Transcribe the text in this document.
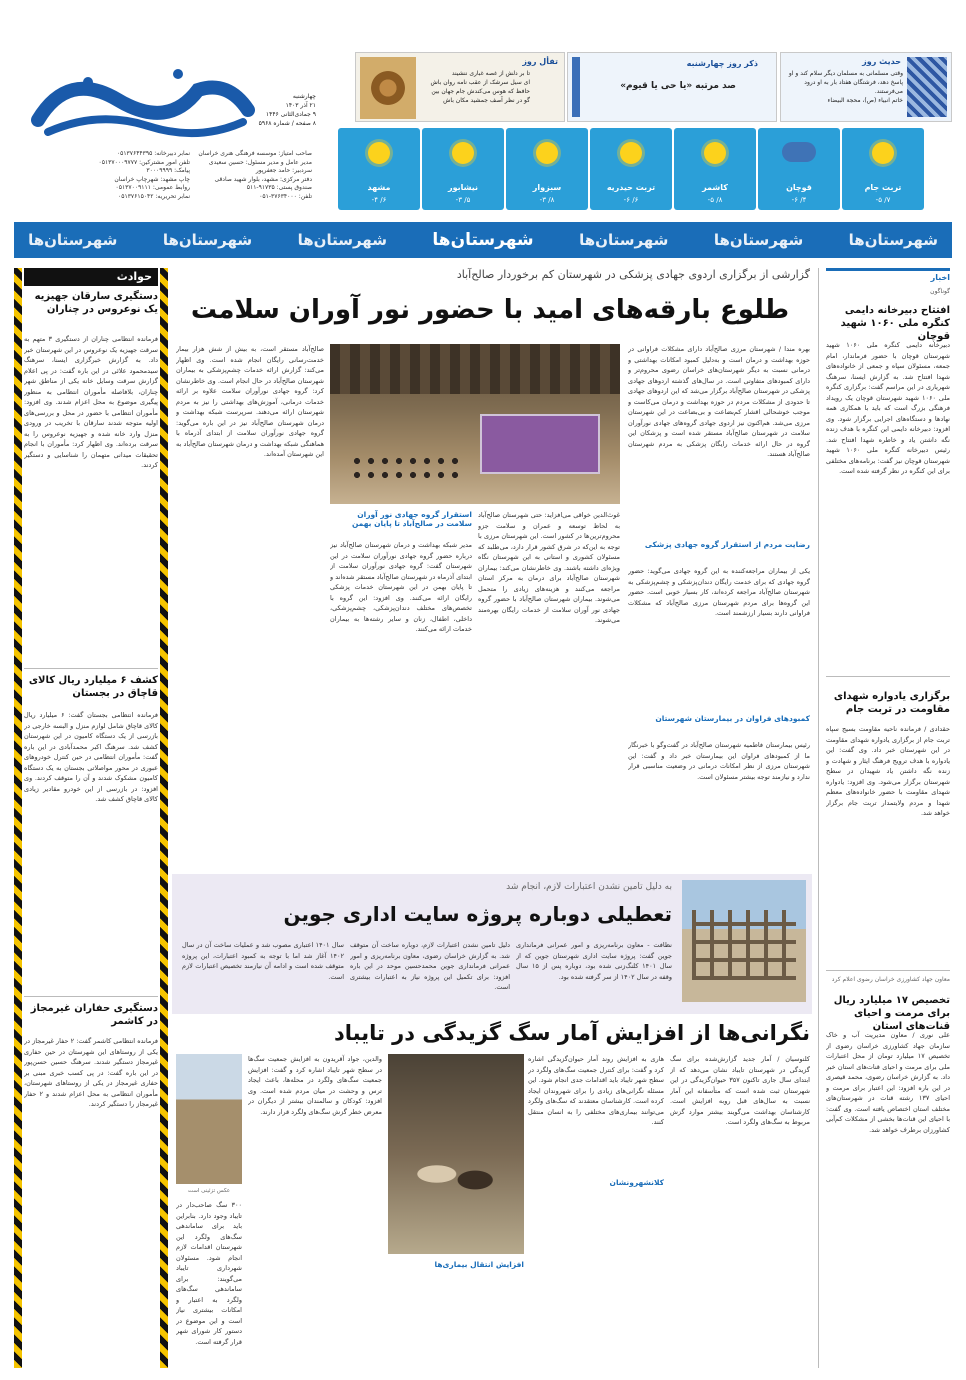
حدیث روز
وقتی مسلمانی به مسلمان دیگر سلام کند و او پاسخ دهد، فرشتگان هفتاد بار به او درود می‌فرستند.
خاتم انبیاء (ص)، محجة البیضاء
ذکر روز چهارشنبه
صد مرتبه «یا حی یا قیوم»
تفأل روز
تا بر دلش از غصه غباری ننشیند
ای سیل سرشک از عقب نامه روان باش
حافظ که هوس می‌کندش جام جهان بین
گو در نظر آصف جمشید مکان باش
چهارشنبه
۲۱ آذر ۱۴۰۳
۹ جمادی‌الثانی ۱۴۴۶
۸ صفحه / شماره ۵۹۶۸
صاحب امتیاز: موسسه فرهنگی هنری خراسان
مدیر عامل و مدیر مسئول: حسین سعیدی
سردبیر: حامد جعفرپور
دفتر مرکزی: مشهد، بلوار شهید صادقی
صندوق پستی: ۹۱۷۳۵-۵۱۱
تلفن: ۳۷۶۳۴۰۰۰-۰۵۱
نمابر دبیرخانه: ۰۵۱۳۷۶۴۴۳۹۵
تلفن امور مشترکین: ۰۵۱۳۷۰۰۰۹۷۷۷
پیامک: ۳۰۰۰۹۹۹۹
چاپ مشهد: شهرچاپ خراسان
روابط عمومی: ۰۵۱۳۷۰۰۹۱۱۱
نمابر تحریریه: ۰۵۱۳۷۶۱۵۰۴۲
مشهد
۶/ ۴-
نیشابور
۵/ ۳-
سبزوار
۸/ ۳-
تربت حیدریه
۶/ ۶-
کاشمر
۸/ ۵-
قوچان
۴/ ۶-
تربت جام
۷/ ۵-
شهرستان‌ها	شهرستان‌ها	شهرستان‌ها	شهرستان‌ها	شهرستان‌ها	شهرستان‌ها	شهرستان‌ها
اخبار
گوناگون
افتتاح دبیرخانه دایمی کنگره ملی ۱۰۶۰ شهید قوچان
دبیرخانه دایمی کنگره ملی ۱۰۶۰ شهید شهرستان قوچان با حضور فرماندار، امام جمعه، مسئولان سپاه و جمعی از خانواده‌های شهدا افتتاح شد. به گزارش ایسنا، سرهنگ شهریاری در این مراسم گفت: برگزاری کنگره ملی ۱۰۶۰ شهید شهرستان قوچان یک رویداد فرهنگی بزرگ است که باید با همکاری همه نهادها و دستگاه‌های اجرایی برگزار شود. وی افزود: دبیرخانه دایمی این کنگره با هدف زنده نگه داشتن یاد و خاطره شهدا افتتاح شد. رئیس دبیرخانه کنگره ملی ۱۰۶۰ شهید شهرستان قوچان نیز گفت: برنامه‌های مختلفی برای این کنگره در نظر گرفته شده است.
برگزاری یادواره شهدای مقاومت در تربت جام
حقدادی / فرمانده ناحیه مقاومت بسیج سپاه تربت جام از برگزاری یادواره شهدای مقاومت در این شهرستان خبر داد. وی گفت: این یادواره با هدف ترویج فرهنگ ایثار و شهادت و زنده نگه داشتن یاد شهیدان در سطح شهرستان برگزار می‌شود. وی افزود: یادواره شهدای مقاومت با حضور خانواده‌های معظم شهدا و مردم ولایتمدار تربت جام برگزار خواهد شد.
معاون جهاد کشاورزی خراسان رضوی اعلام کرد
تخصیص ۱۷ میلیارد ریال برای مرمت و احیای قنات‌های استان
علی نوری / معاون مدیریت آب و خاک سازمان جهاد کشاورزی خراسان رضوی از تخصیص ۱۷ میلیارد تومان از محل اعتبارات ملی برای مرمت و احیای قنات‌های استان خبر داد. به گزارش خراسان رضوی، محمد قیصری در این باره افزود: این اعتبار برای مرمت و احیای ۱۳۷ رشته قنات در شهرستان‌های مختلف استان اختصاص یافته است. وی گفت: با احیای این قنات‌ها بخشی از مشکلات کم‌آبی کشاورزان برطرف خواهد شد.
گزارشی از برگزاری اردوی جهادی پزشکی در شهرستان کم برخوردار صالح‌آباد
طلوع بارقه‌های امید با حضور نور آوران سلامت
بهره مندا / شهرستان مرزی صالح‌آباد دارای مشکلات فراوانی در حوزه بهداشت و درمان است و به‌دلیل کمبود امکانات بهداشتی و درمانی نسبت به دیگر شهرستان‌های خراسان رضوی محروم‌تر و دارای کمبودهای متفاوتی است. در سال‌های گذشته اردوهای جهادی پزشکی در شهرستان صالح‌آباد برگزار می‌شد که این اردوهای جهادی تا حدودی از مشکلات مردم در حوزه بهداشت و درمان می‌کاست و موجب خوشحالی اقشار کم‌بضاعت و بی‌بضاعت در این شهرستان مرزی می‌شد. هم‌اکنون نیز اردوی جهادی گروه‌های جهادی نورآوران سلامت در شهرستان صالح‌آباد مستقر شده است و پزشکان این گروه در حال ارائه خدمات رایگان پزشکی به مردم شهرستان صالح‌آباد هستند.
رضایت مردم از استقرار گروه جهادی پزشکی
یکی از بیماران مراجعه‌کننده به این گروه جهادی می‌گوید: حضور گروه جهادی که برای خدمت رایگان دندان‌پزشکی و چشم‌پزشکی به شهرستان صالح‌آباد مراجعه کرده‌اند، کار بسیار خوبی است. حضور این گروه‌ها برای مردم شهرستان مرزی صالح‌آباد که مشکلات فراوانی دارند بسیار ارزشمند است.
کمبودهای فراوان در بیمارستان شهرستان
رئیس بیمارستان فاطمیه شهرستان صالح‌آباد در گفت‌وگو با خبرنگار ما از کمبودهای فراوان این بیمارستان خبر داد و گفت: این شهرستان مرزی از نظر امکانات درمانی در وضعیت مناسبی قرار ندارد و نیازمند توجه بیشتر مسئولان است.
غوث‌الدین خواقی می‌افزاید: حتی شهرستان صالح‌آباد به لحاظ توسعه و عمران و سلامت جزو محروم‌ترین‌ها در کشور است. این شهرستان مرزی با توجه به این‌که در شرق کشور قرار دارد، می‌طلبد که مسئولان کشوری و استانی به این شهرستان نگاه ویژه‌ای داشته باشند. وی خاطرنشان می‌کند: بیماران شهرستان صالح‌آباد برای درمان به مرکز استان مراجعه می‌کنند و هزینه‌های زیادی را متحمل می‌شوند. بیماران شهرستان صالح‌آباد با حضور گروه جهادی نور آوران سلامت از خدمات رایگان بهره‌مند می‌شوند.
استقرار گروه جهادی نور آوران سلامت در صالح‌آباد تا پایان بهمن
مدیر شبکه بهداشت و درمان شهرستان صالح‌آباد نیز درباره حضور گروه جهادی نورآوران سلامت در این شهرستان گفت: گروه جهادی نورآوران سلامت از ابتدای آذرماه در شهرستان صالح‌آباد مستقر شده‌اند و تا پایان بهمن در این شهرستان خدمات پزشکی رایگان ارائه می‌کنند. وی افزود: این گروه با تخصص‌های مختلف دندان‌پزشکی، چشم‌پزشکی، داخلی، اطفال، زنان و سایر رشته‌ها به بیماران خدمات ارائه می‌کنند.
صالح‌آباد مستقر است، به بیش از شش هزار بیمار خدمت‌رسانی رایگان انجام شده است. وی اظهار می‌کند: گزارش ارائه خدمات چشم‌پزشکی به بیماران شهرستان صالح‌آباد در حال انجام است. وی خاطرنشان کرد: گروه جهادی نورآوران سلامت علاوه بر ارائه خدمات درمانی، آموزش‌های بهداشتی را نیز به مردم شهرستان ارائه می‌دهند. سرپرست شبکه بهداشت و درمان شهرستان صالح‌آباد نیز در این باره می‌گوید: گروه جهادی نورآوران سلامت از ابتدای آذرماه با هماهنگی شبکه بهداشت و درمان شهرستان صالح‌آباد به این شهرستان آمده‌اند.
حوادث
دستگیری سارقان جهیزیه یک نوعروس در چناران
فرمانده انتظامی چناران از دستگیری ۳ متهم به سرقت جهیزیه یک نوعروس در این شهرستان خبر داد. به گزارش خبرگزاری ایسنا، سرهنگ سیدمحمود علائی در این باره گفت: در پی اعلام گزارش سرقت وسایل خانه یکی از مناطق شهر چناران، بلافاصله مأموران انتظامی به منظور پیگیری موضوع به محل اعزام شدند. وی افزود: مأموران انتظامی با حضور در محل و بررسی‌های اولیه متوجه شدند سارقان با تخریب در ورودی منزل وارد خانه شده و جهیزیه نوعروس را به سرقت برده‌اند. وی اظهار کرد: مأموران با انجام تحقیقات میدانی متهمان را شناسایی و دستگیر کردند.
کشف ۶ میلیارد ریال کالای قاچاق در بجستان
فرمانده انتظامی بجستان گفت: ۶ میلیارد ریال کالای قاچاق شامل لوازم منزل و البسه خارجی در بازرسی از یک دستگاه کامیون در این شهرستان کشف شد. سرهنگ اکبر محمدآبادی در این باره گفت: مأموران انتظامی در حین کنترل خودروهای عبوری در محور مواصلاتی بجستان به یک دستگاه کامیون مشکوک شدند و آن را متوقف کردند. وی افزود: در بازرسی از این خودرو مقادیر زیادی کالای قاچاق کشف شد.
دستگیری حفاران غیرمجاز در کاشمر
فرمانده انتظامی کاشمر گفت: ۲ حفار غیرمجاز در یکی از روستاهای این شهرستان در حین حفاری غیرمجاز دستگیر شدند. سرهنگ حسین حسن‌پور در این باره گفت: در پی کسب خبری مبنی بر حفاری غیرمجاز در یکی از روستاهای شهرستان، مأموران انتظامی به محل اعزام شدند و ۲ حفار غیرمجاز را دستگیر کردند.
به دلیل تامین نشدن اعتبارات لازم، انجام شد
تعطیلی دوباره پروژه سایت اداری جوین
نظافت - معاون برنامه‌ریزی و امور عمرانی فرمانداری جوین گفت: پروژه سایت اداری شهرستان جوین که از سال ۱۴۰۱ کلنگ‌زنی شده بود، دوباره پس از ۱۵ سال وقفه در سال ۱۴۰۲ از سر گرفته شده بود.
دلیل تامین نشدن اعتبارات لازم، دوباره ساخت آن متوقف شد. به گزارش خراسان رضوی، معاون برنامه‌ریزی و امور عمرانی فرمانداری جوین محمدحسین موحد در این باره افزود: برای تکمیل این پروژه نیاز به اعتبارات بیشتری است.
سال ۱۴۰۱ اعتباری مصوب شد و عملیات ساخت آن در سال ۱۴۰۲ آغاز شد اما با توجه به کمبود اعتبارات، این پروژه متوقف شده است و ادامه آن نیازمند تخصیص اعتبارات لازم است.
نگرانی‌ها از افزایش آمار سگ گزیدگی در تایباد
کلنوسیان / آمار جدید گزارش‌شده برای سگ گزیدگی در شهرستان تایباد نشان می‌دهد که از ابتدای سال جاری تاکنون ۳۵۷ حیوان‌گزیدگی در این شهرستان ثبت شده است که متأسفانه این آمار نسبت به سال‌های قبل روبه افزایش است. کارشناسان بهداشت می‌گویند بیشتر موارد گزش مربوط به سگ‌های ولگرد است.
کلانشهرونشان
هاری به افزایش روند آمار حیوان‌گزیدگی اشاره کرد و گفت: برای کنترل جمعیت سگ‌های ولگرد در سطح شهر تایباد باید اقدامات جدی انجام شود. این مسئله نگرانی‌های زیادی را برای شهروندان ایجاد کرده است. کارشناسان معتقدند که سگ‌های ولگرد می‌توانند بیماری‌های مختلفی را به انسان منتقل کنند.
افزایش انتقال بیماری‌ها
والدین، جواد آقریدون به افزایش جمعیت سگ‌ها در سطح شهر تایباد اشاره کرد و گفت: افزایش جمعیت سگ‌های ولگرد در محله‌ها، باعث ایجاد ترس و وحشت در میان مردم شده است. وی افزود: کودکان و سالمندان بیشتر از دیگران در معرض خطر گزش سگ‌های ولگرد قرار دارند.
عکس تزئینی است
۳۰۰ سگ صاحب‌دار در تایباد وجود دارد. بنابراین باید برای ساماندهی سگ‌های ولگرد این شهرستان اقدامات لازم انجام شود. مسئولان شهرداری تایباد می‌گویند: برای ساماندهی سگ‌های ولگرد به اعتبار و امکانات بیشتری نیاز است و این موضوع در دستور کار شورای شهر قرار گرفته است.
